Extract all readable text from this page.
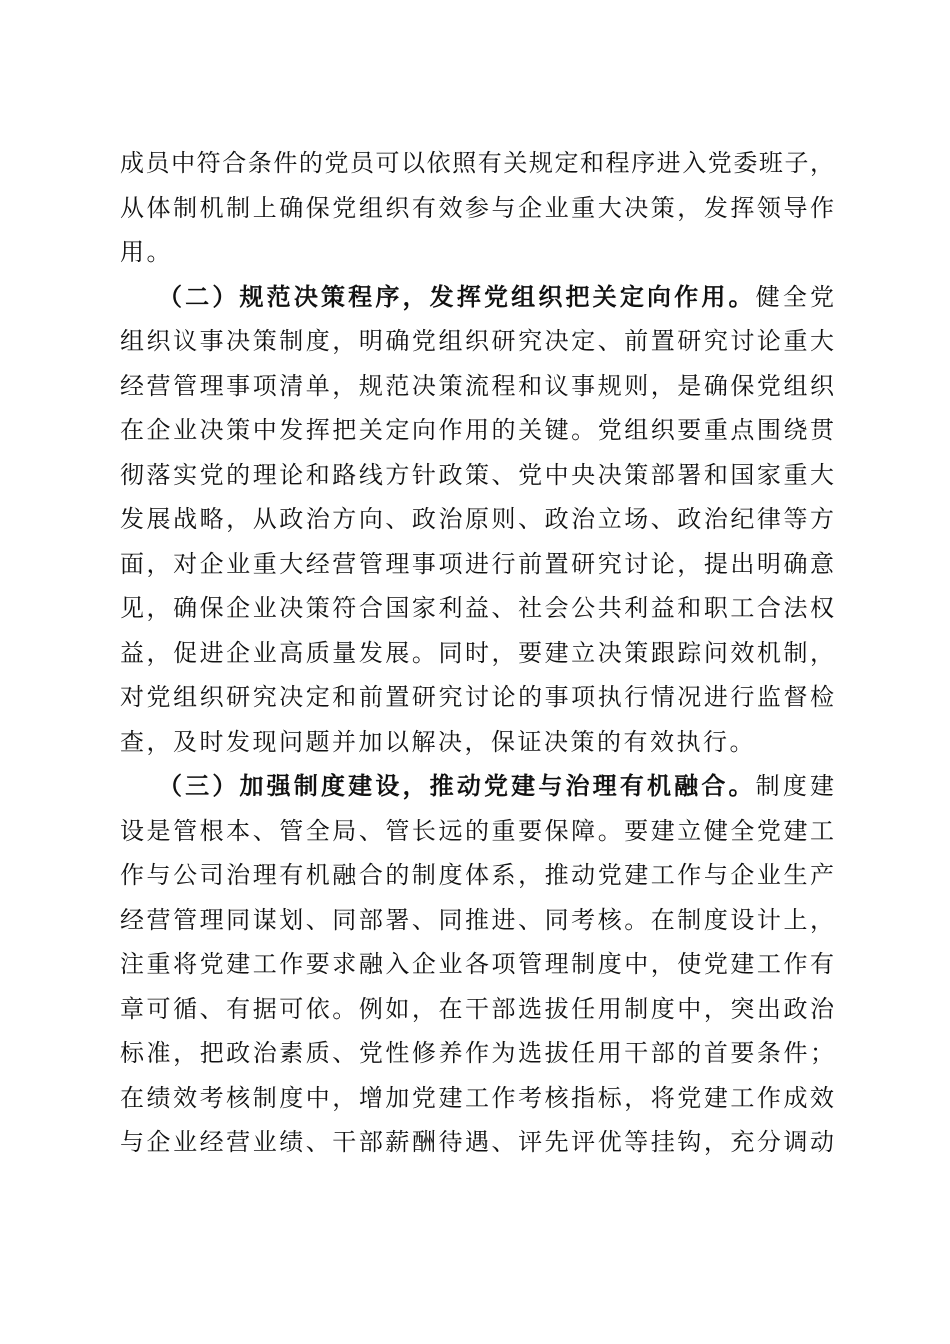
成员中符合条件的党员可以依照有关规定和程序进入党委班子，
从体制机制上确保党组织有效参与企业重大决策，发挥领导作
用。
（二）规范决策程序，发挥党组织把关定向作用。健全党
组织议事决策制度，明确党组织研究决定、前置研究讨论重大
经营管理事项清单，规范决策流程和议事规则，是确保党组织
在企业决策中发挥把关定向作用的关键。党组织要重点围绕贯
彻落实党的理论和路线方针政策、党中央决策部署和国家重大
发展战略，从政治方向、政治原则、政治立场、政治纪律等方
面，对企业重大经营管理事项进行前置研究讨论，提出明确意
见，确保企业决策符合国家利益、社会公共利益和职工合法权
益，促进企业高质量发展。同时，要建立决策跟踪问效机制，
对党组织研究决定和前置研究讨论的事项执行情况进行监督检
查，及时发现问题并加以解决，保证决策的有效执行。
（三）加强制度建设，推动党建与治理有机融合。制度建
设是管根本、管全局、管长远的重要保障。要建立健全党建工
作与公司治理有机融合的制度体系，推动党建工作与企业生产
经营管理同谋划、同部署、同推进、同考核。在制度设计上，
注重将党建工作要求融入企业各项管理制度中，使党建工作有
章可循、有据可依。例如，在干部选拔任用制度中，突出政治
标准，把政治素质、党性修养作为选拔任用干部的首要条件；
在绩效考核制度中，增加党建工作考核指标，将党建工作成效
与企业经营业绩、干部薪酬待遇、评先评优等挂钩，充分调动
